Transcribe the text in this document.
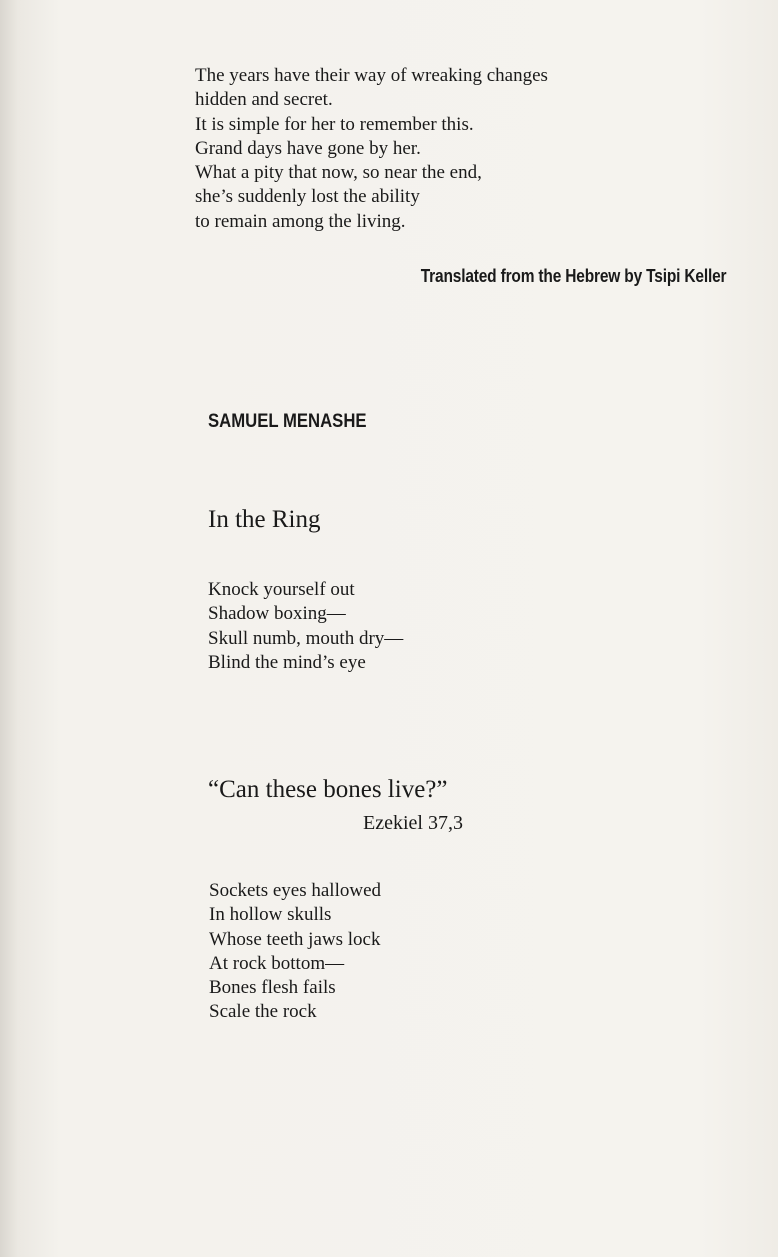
The years have their way of wreaking changes
hidden and secret.
It is simple for her to remember this.
Grand days have gone by her.
What a pity that now, so near the end,
she’s suddenly lost the ability
to remain among the living.
Translated from the Hebrew by Tsipi Keller
SAMUEL MENASHE
In the Ring
Knock yourself out
Shadow boxing—
Skull numb, mouth dry—
Blind the mind’s eye
“Can these bones live?”
Ezekiel 37,3
Sockets eyes hallowed
In hollow skulls
Whose teeth jaws lock
At rock bottom—
Bones flesh fails
Scale the rock
